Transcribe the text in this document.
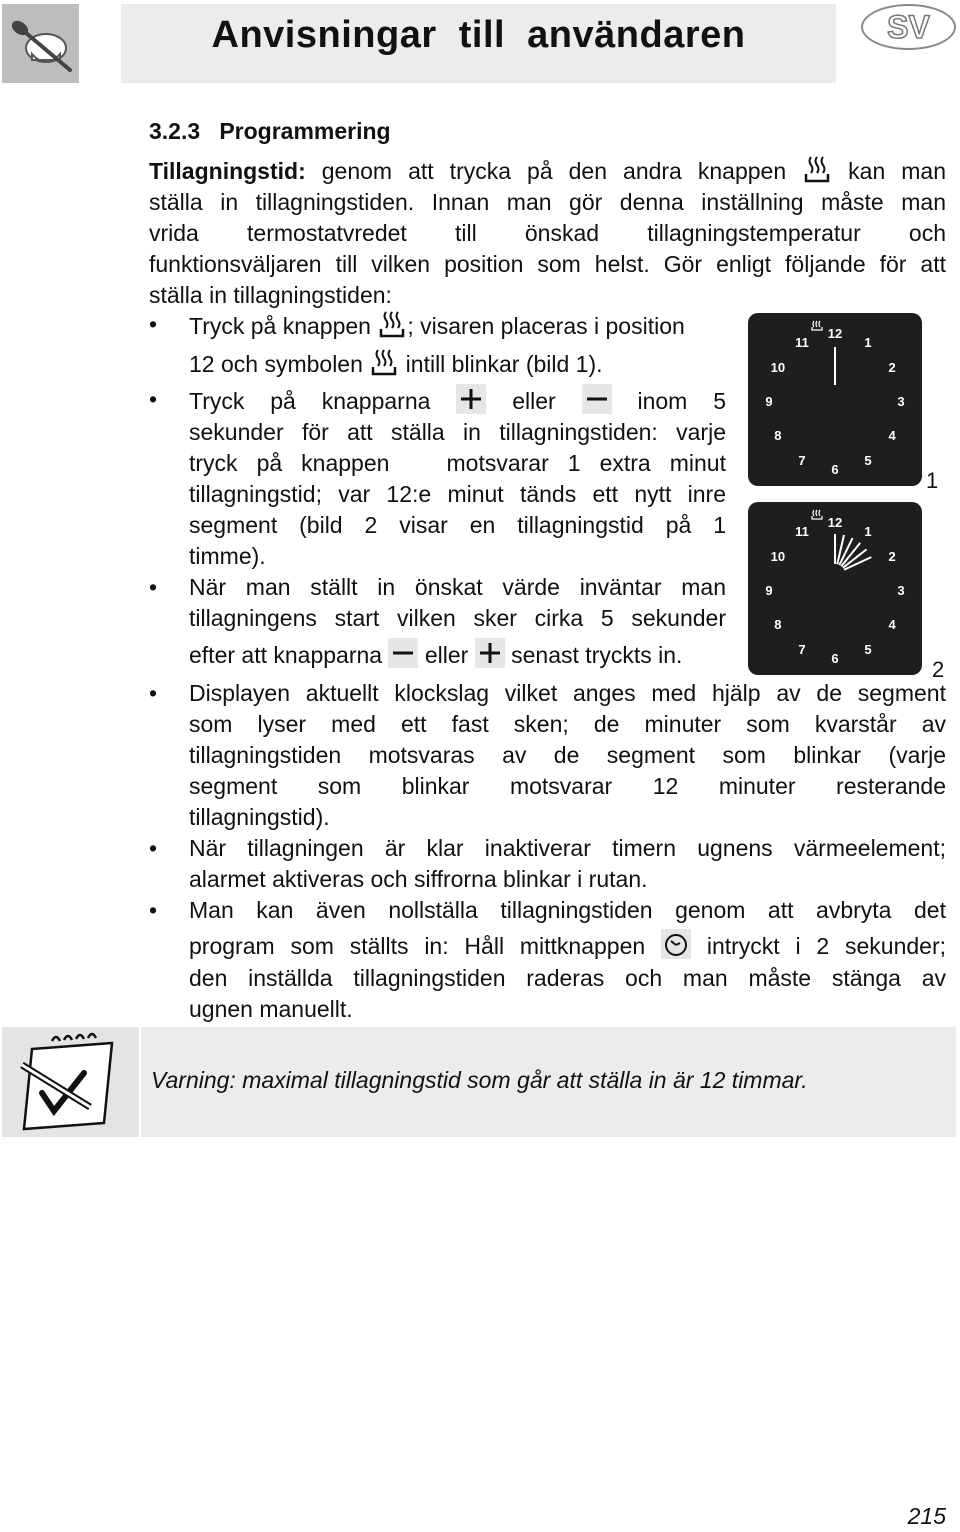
Anvisningar  till  användaren	SV
3.2.3   Programmering
Tillagningstid: genom att trycka på den andra knappen	kan man
ställa in tillagningstiden. Innan man gör denna inställning måste man
vrida termostatvredet till önskad tillagningstemperatur och
funktionsväljaren till vilken position som helst. Gör enligt följande för att
ställa in tillagningstiden:
• Tryck på knappen ; visaren placeras i position
12 och symbolen intill blinkar (bild 1).
• Tryck på knapparna	eller	inom 5
sekunder för att ställa in tillagningstiden: varje
tryck på knappen   motsvarar 1 extra minut
tillagningstid; var 12:e minut tänds ett nytt inre
segment (bild 2 visar en tillagningstid på 1
timme).
• När man ställt in önskat värde inväntar man
tillagningens start vilken sker cirka 5 sekunder
efter att knapparna eller senast tryckts in.
12
1
2
3
4
5
6
7
8
9
10
11
1
12
1
2
3
4
5
6
7
8
9
10
11
2
• Displayen aktuellt klockslag vilket anges med hjälp av de segment
som lyser med ett fast sken; de minuter som kvarstår av
tillagningstiden motsvaras av de segment som blinkar (varje
segment som blinkar motsvarar 12 minuter resterande
tillagningstid).
• När tillagningen är klar inaktiverar timern ugnens värmeelement;
alarmet aktiveras och siffrorna blinkar i rutan.
• Man kan även nollställa tillagningstiden genom att avbryta det
program som ställts in: Håll mittknappen	intryckt i 2 sekunder;
den inställda tillagningstiden raderas och man måste stänga av
ugnen manuellt.
Varning: maximal tillagningstid som går att ställa in är 12 timmar.
215
